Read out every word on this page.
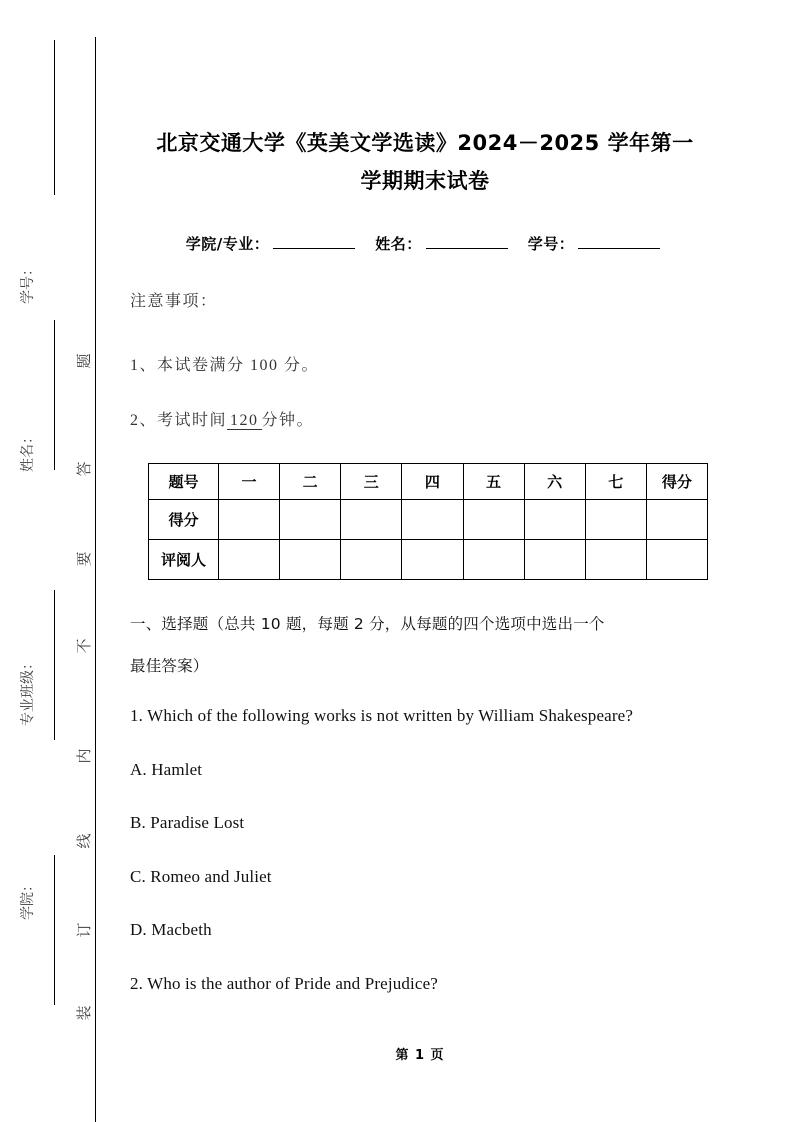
题
答
要
不
内
线
订
装
学号：
姓名：
专业班级：
学院：
北京交通大学《英美文学选读》2024－2025 学年第一
学期期末试卷
学院/专业：	姓名：	学号：
注意事项：
1、本试卷满分 100 分。
2、考试时间 120 分钟。
题号	一	二	三	四	五	六	七	得分
得分								
评阅人								
一、选择题（总共 10 题，每题 2 分，从每题的四个选项中选出一个
最佳答案）
1. Which of the following works is not written by William Shakespeare?
A. Hamlet
B. Paradise Lost
C. Romeo and Juliet
D. Macbeth
2. Who is the author of Pride and Prejudice?
第 1 页
